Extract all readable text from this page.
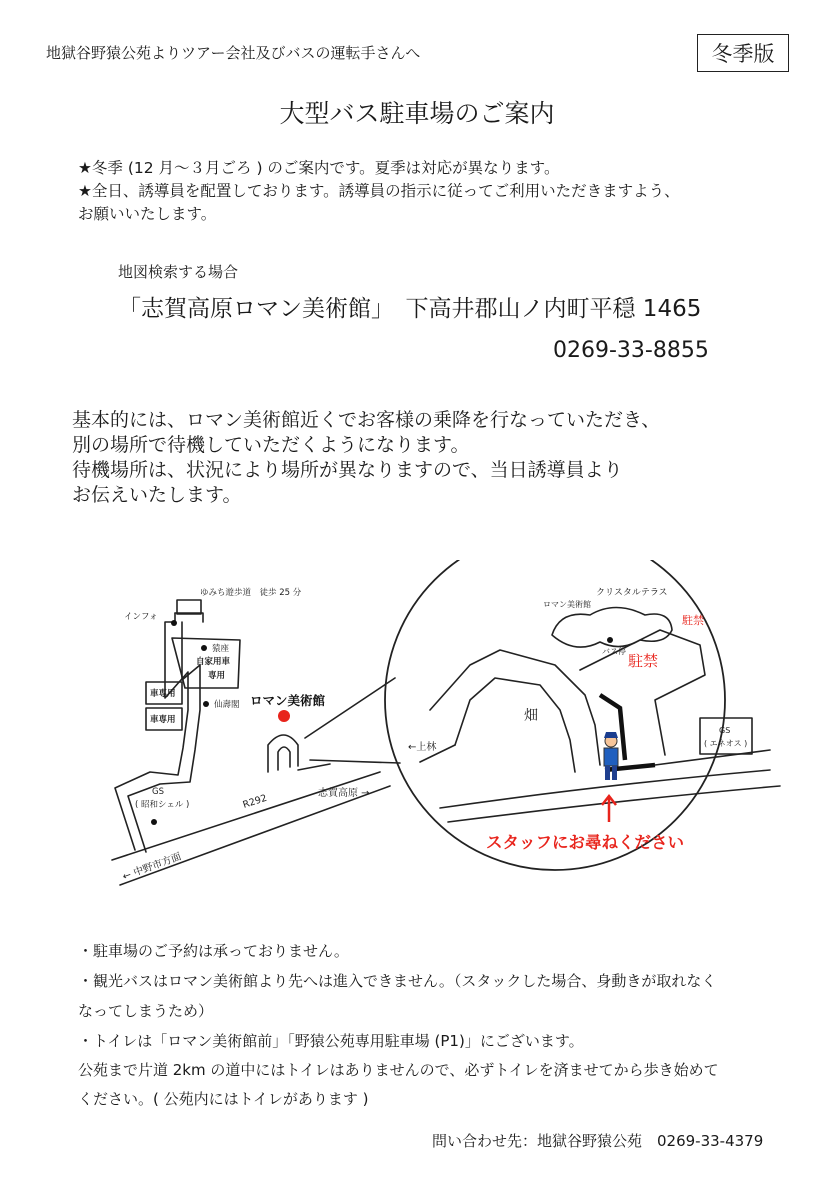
地獄谷野猿公苑よりツアー会社及びバスの運転手さんへ	冬季版
大型バス駐車場のご案内
★冬季 (12 月〜３月ごろ ) のご案内です。夏季は対応が異なります。
★全日、誘導員を配置しております。誘導員の指示に従ってご利用いただきますよう、
お願いいたします。
地図検索する場合
「志賀高原ロマン美術館」　下高井郡山ノ内町平穏 1465
0269-33-8855
基本的には、ロマン美術館近くでお客様の乗降を行なっていただき、
別の場所で待機していただくようになります。
待機場所は、状況により場所が異なりますので、当日誘導員より
お伝えいたします。
ゆみち遊歩道　徒歩 25 分
インフォ
猿座
自家用車
専用
車専用
車専用
仙壽閣
GS
( 昭和シェル )
志賀高原 →
ロマン美術館
R292
← 中野市方面
ロマン美術館
クリスタルテラス
バス停
GS
( エネオス )
←上林
畑
駐禁
駐禁
スタッフにお尋ねください
・駐車場のご予約は承っておりません。
・観光バスはロマン美術館より先へは進入できません。（スタックした場合、身動きが取れなく
なってしまうため）
・トイレは「ロマン美術館前」「野猿公苑専用駐車場 (P1)」にございます。
公苑まで片道 2km の道中にはトイレはありませんので、必ずトイレを済ませてから歩き始めて
ください。( 公苑内にはトイレがあります )
問い合わせ先：地獄谷野猿公苑　0269-33-4379
